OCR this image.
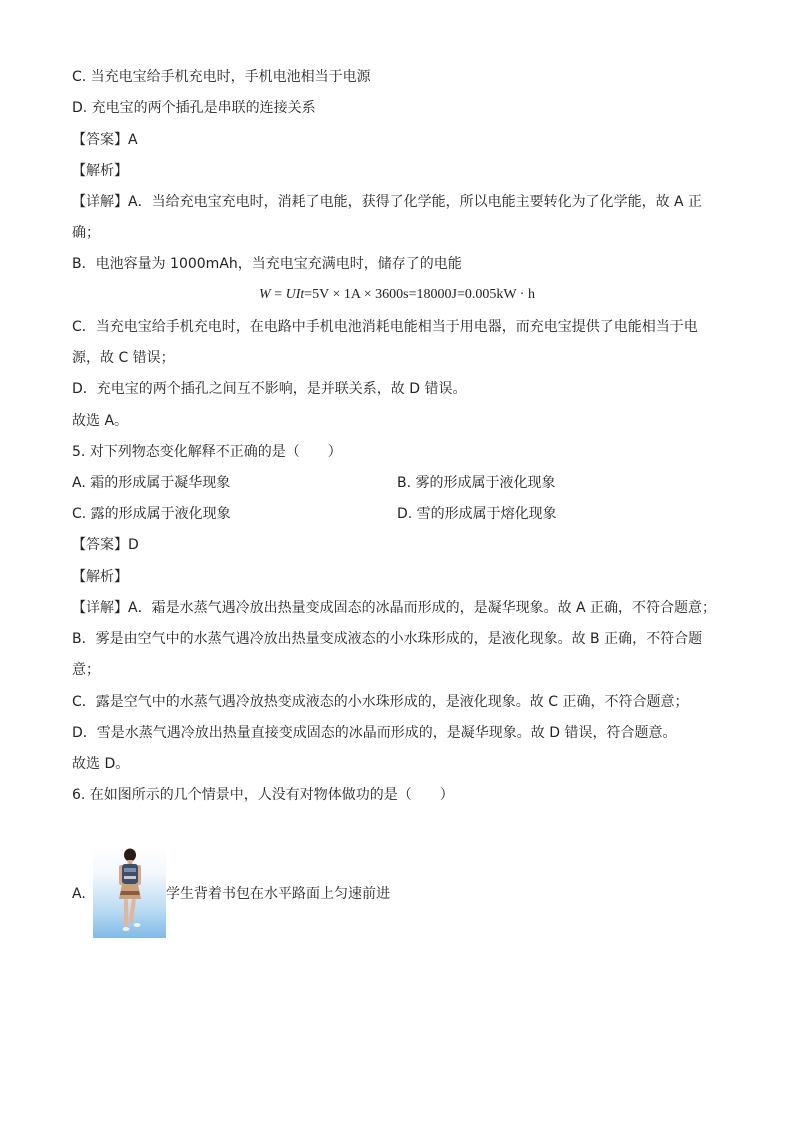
C. 当充电宝给手机充电时，手机电池相当于电源
D. 充电宝的两个插孔是串联的连接关系
【答案】A
【解析】
【详解】A．当给充电宝充电时，消耗了电能，获得了化学能，所以电能主要转化为了化学能，故 A 正
确；
B．电池容量为 1000mAh，当充电宝充满电时，储存了的电能
W = UIt=5V × 1A × 3600s=18000J=0.005kW · h
C．当充电宝给手机充电时，在电路中手机电池消耗电能相当于用电器，而充电宝提供了电能相当于电
源，故 C 错误；
D．充电宝的两个插孔之间互不影响，是并联关系，故 D 错误。
故选 A。
5. 对下列物态变化解释不正确的是（　　）
A. 霜的形成属于凝华现象	B. 雾的形成属于液化现象
C. 露的形成属于液化现象	D. 雪的形成属于熔化现象
【答案】D
【解析】
【详解】A．霜是水蒸气遇冷放出热量变成固态的冰晶而形成的，是凝华现象。故 A 正确，不符合题意；
B．雾是由空气中的水蒸气遇冷放出热量变成液态的小水珠形成的，是液化现象。故 B 正确，不符合题
意；
C．露是空气中的水蒸气遇冷放热变成液态的小水珠形成的，是液化现象。故 C 正确，不符合题意；
D．雪是水蒸气遇冷放出热量直接变成固态的冰晶而形成的，是凝华现象。故 D 错误，符合题意。
故选 D。
6. 在如图所示的几个情景中，人没有对物体做功的是（　　）
A.	学生背着书包在水平路面上匀速前进
